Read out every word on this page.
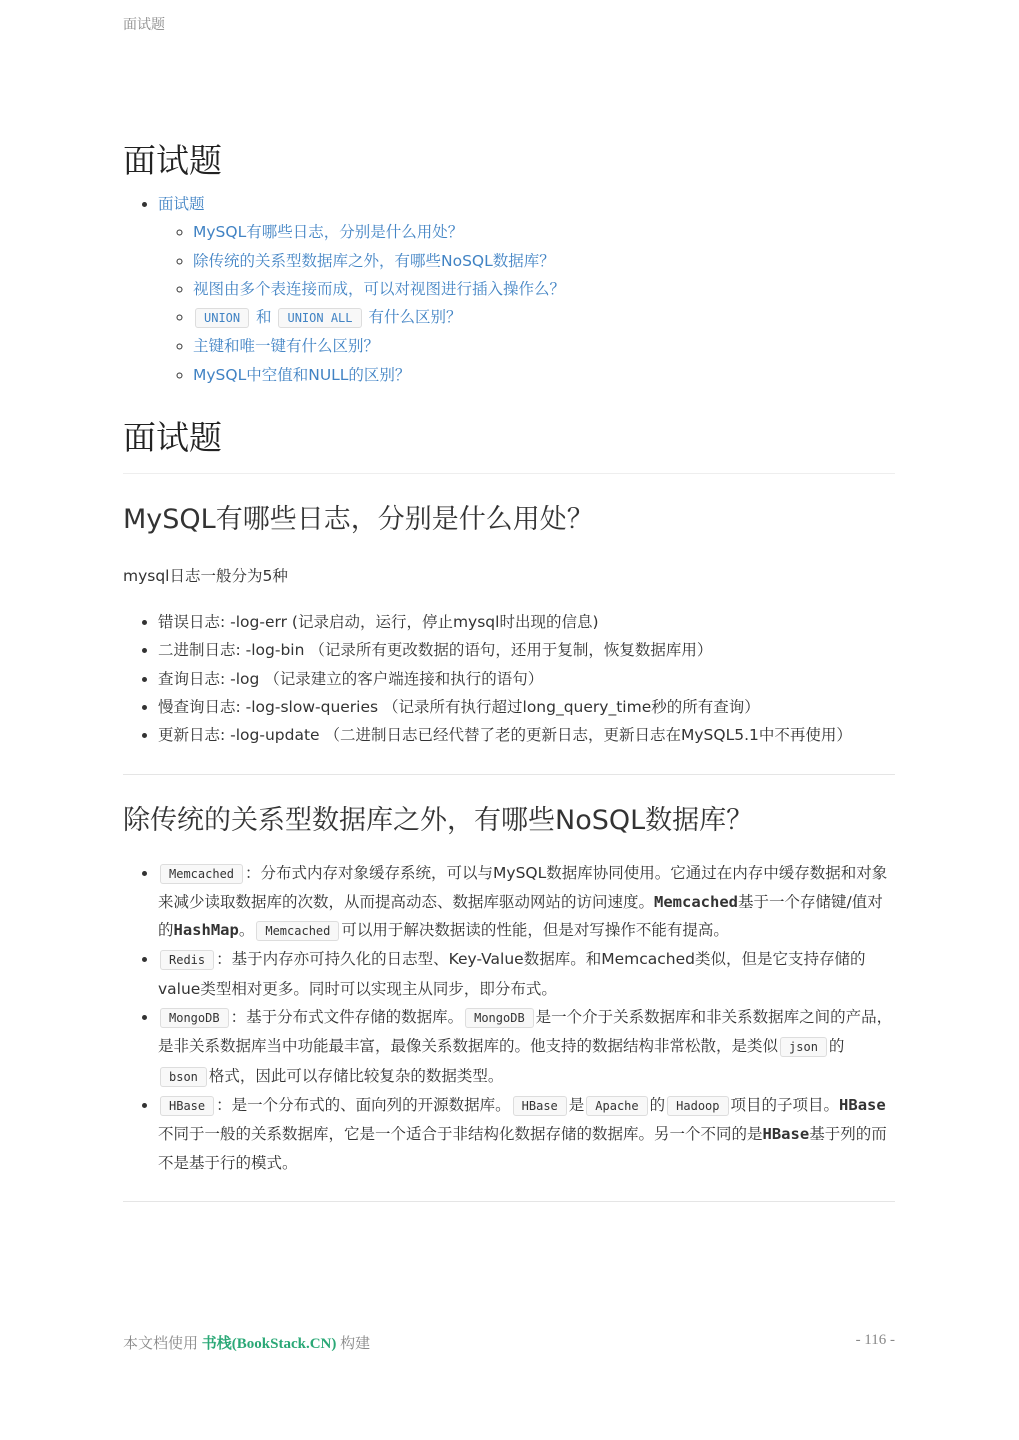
面试题
面试题
• 面试题
◦ MySQL有哪些日志，分别是什么用处？
◦ 除传统的关系型数据库之外，有哪些NoSQL数据库？
◦ 视图由多个表连接而成，可以对视图进行插入操作么？
◦ UNION 和 UNION ALL 有什么区别？
◦ 主键和唯一键有什么区别？
◦ MySQL中空值和NULL的区别？
面试题
MySQL有哪些日志，分别是什么用处？

mysql日志一般分为5种

• 错误日志: -log-err (记录启动，运行，停止mysql时出现的信息)
• 二进制日志: -log-bin （记录所有更改数据的语句，还用于复制，恢复数据库用）
• 查询日志: -log （记录建立的客户端连接和执行的语句）
• 慢查询日志: -log-slow-queries （记录所有执行超过long_query_time秒的所有查询）
• 更新日志: -log-update （二进制日志已经代替了老的更新日志，更新日志在MySQL5.1中不再使用）
除传统的关系型数据库之外，有哪些NoSQL数据库？
• Memcached ：分布式内存对象缓存系统，可以与MySQL数据库协同使用。它通过在内存中缓存数据和对象来减少读取数据库的次数，从而提高动态、数据库驱动网站的访问速度。Memcached基于一个存储键/值对的HashMap。 Memcached 可以用于解决数据读的性能，但是对写操作不能有提高。
• Redis ：基于内存亦可持久化的日志型、Key-Value数据库。和Memcached类似，但是它支持存储的value类型相对更多。同时可以实现主从同步，即分布式。
• MongoDB ：基于分布式文件存储的数据库。 MongoDB 是一个介于关系数据库和非关系数据库之间的产品，是非关系数据库当中功能最丰富，最像关系数据库的。他支持的数据结构非常松散，是类似 json 的bson 格式，因此可以存储比较复杂的数据类型。
• HBase ：是一个分布式的、面向列的开源数据库。 HBase 是 Apache 的 Hadoop 项目的子项目。HBase不同于一般的关系数据库，它是一个适合于非结构化数据存储的数据库。另一个不同的是HBase基于列的而不是基于行的模式。
本文档使用 书栈(BookStack.CN) 构建	- 116 -
